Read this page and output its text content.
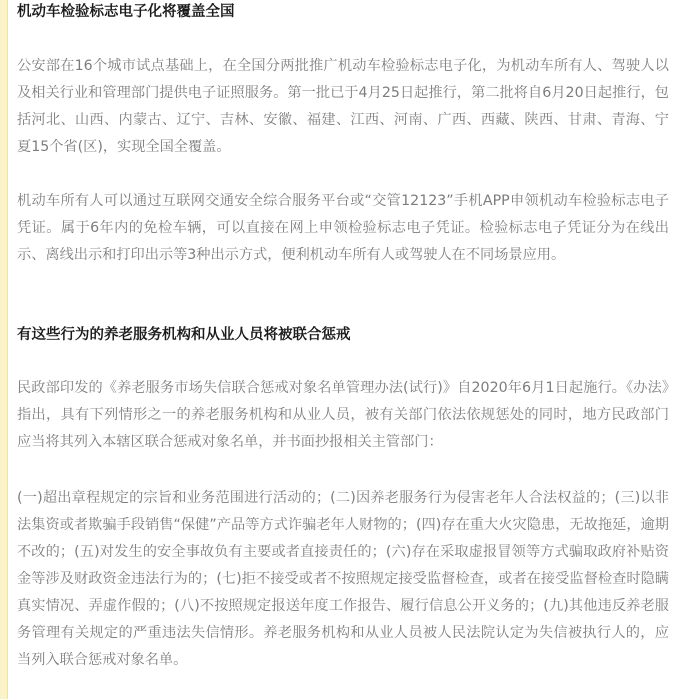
机动车检验标志电子化将覆盖全国

公安部在16个城市试点基础上，在全国分两批推广机动车检验标志电子化，为机动车所有人、驾驶人以及相关行业和管理部门提供电子证照服务。第一批已于4月25日起推行，第二批将自6月20日起推行，包括河北、山西、内蒙古、辽宁、吉林、安徽、福建、江西、河南、广西、西藏、陕西、甘肃、青海、宁夏15个省(区)，实现全国全覆盖。

机动车所有人可以通过互联网交通安全综合服务平台或“交管12123”手机APP申领机动车检验标志电子凭证。属于6年内的免检车辆，可以直接在网上申领检验标志电子凭证。检验标志电子凭证分为在线出示、离线出示和打印出示等3种出示方式，便利机动车所有人或驾驶人在不同场景应用。

有这些行为的养老服务机构和从业人员将被联合惩戒

民政部印发的《养老服务市场失信联合惩戒对象名单管理办法(试行)》自2020年6月1日起施行。《办法》指出，具有下列情形之一的养老服务机构和从业人员，被有关部门依法依规惩处的同时，地方民政部门应当将其列入本辖区联合惩戒对象名单，并书面抄报相关主管部门：

(一)超出章程规定的宗旨和业务范围进行活动的；(二)因养老服务行为侵害老年人合法权益的；(三)以非法集资或者欺骗手段销售“保健”产品等方式诈骗老年人财物的；(四)存在重大火灾隐患，无故拖延，逾期不改的；(五)对发生的安全事故负有主要或者直接责任的；(六)存在采取虚报冒领等方式骗取政府补贴资金等涉及财政资金违法行为的；(七)拒不接受或者不按照规定接受监督检查，或者在接受监督检查时隐瞒真实情况、弄虚作假的；(八)不按照规定报送年度工作报告、履行信息公开义务的；(九)其他违反养老服务管理有关规定的严重违法失信情形。养老服务机构和从业人员被人民法院认定为失信被执行人的，应当列入联合惩戒对象名单。
